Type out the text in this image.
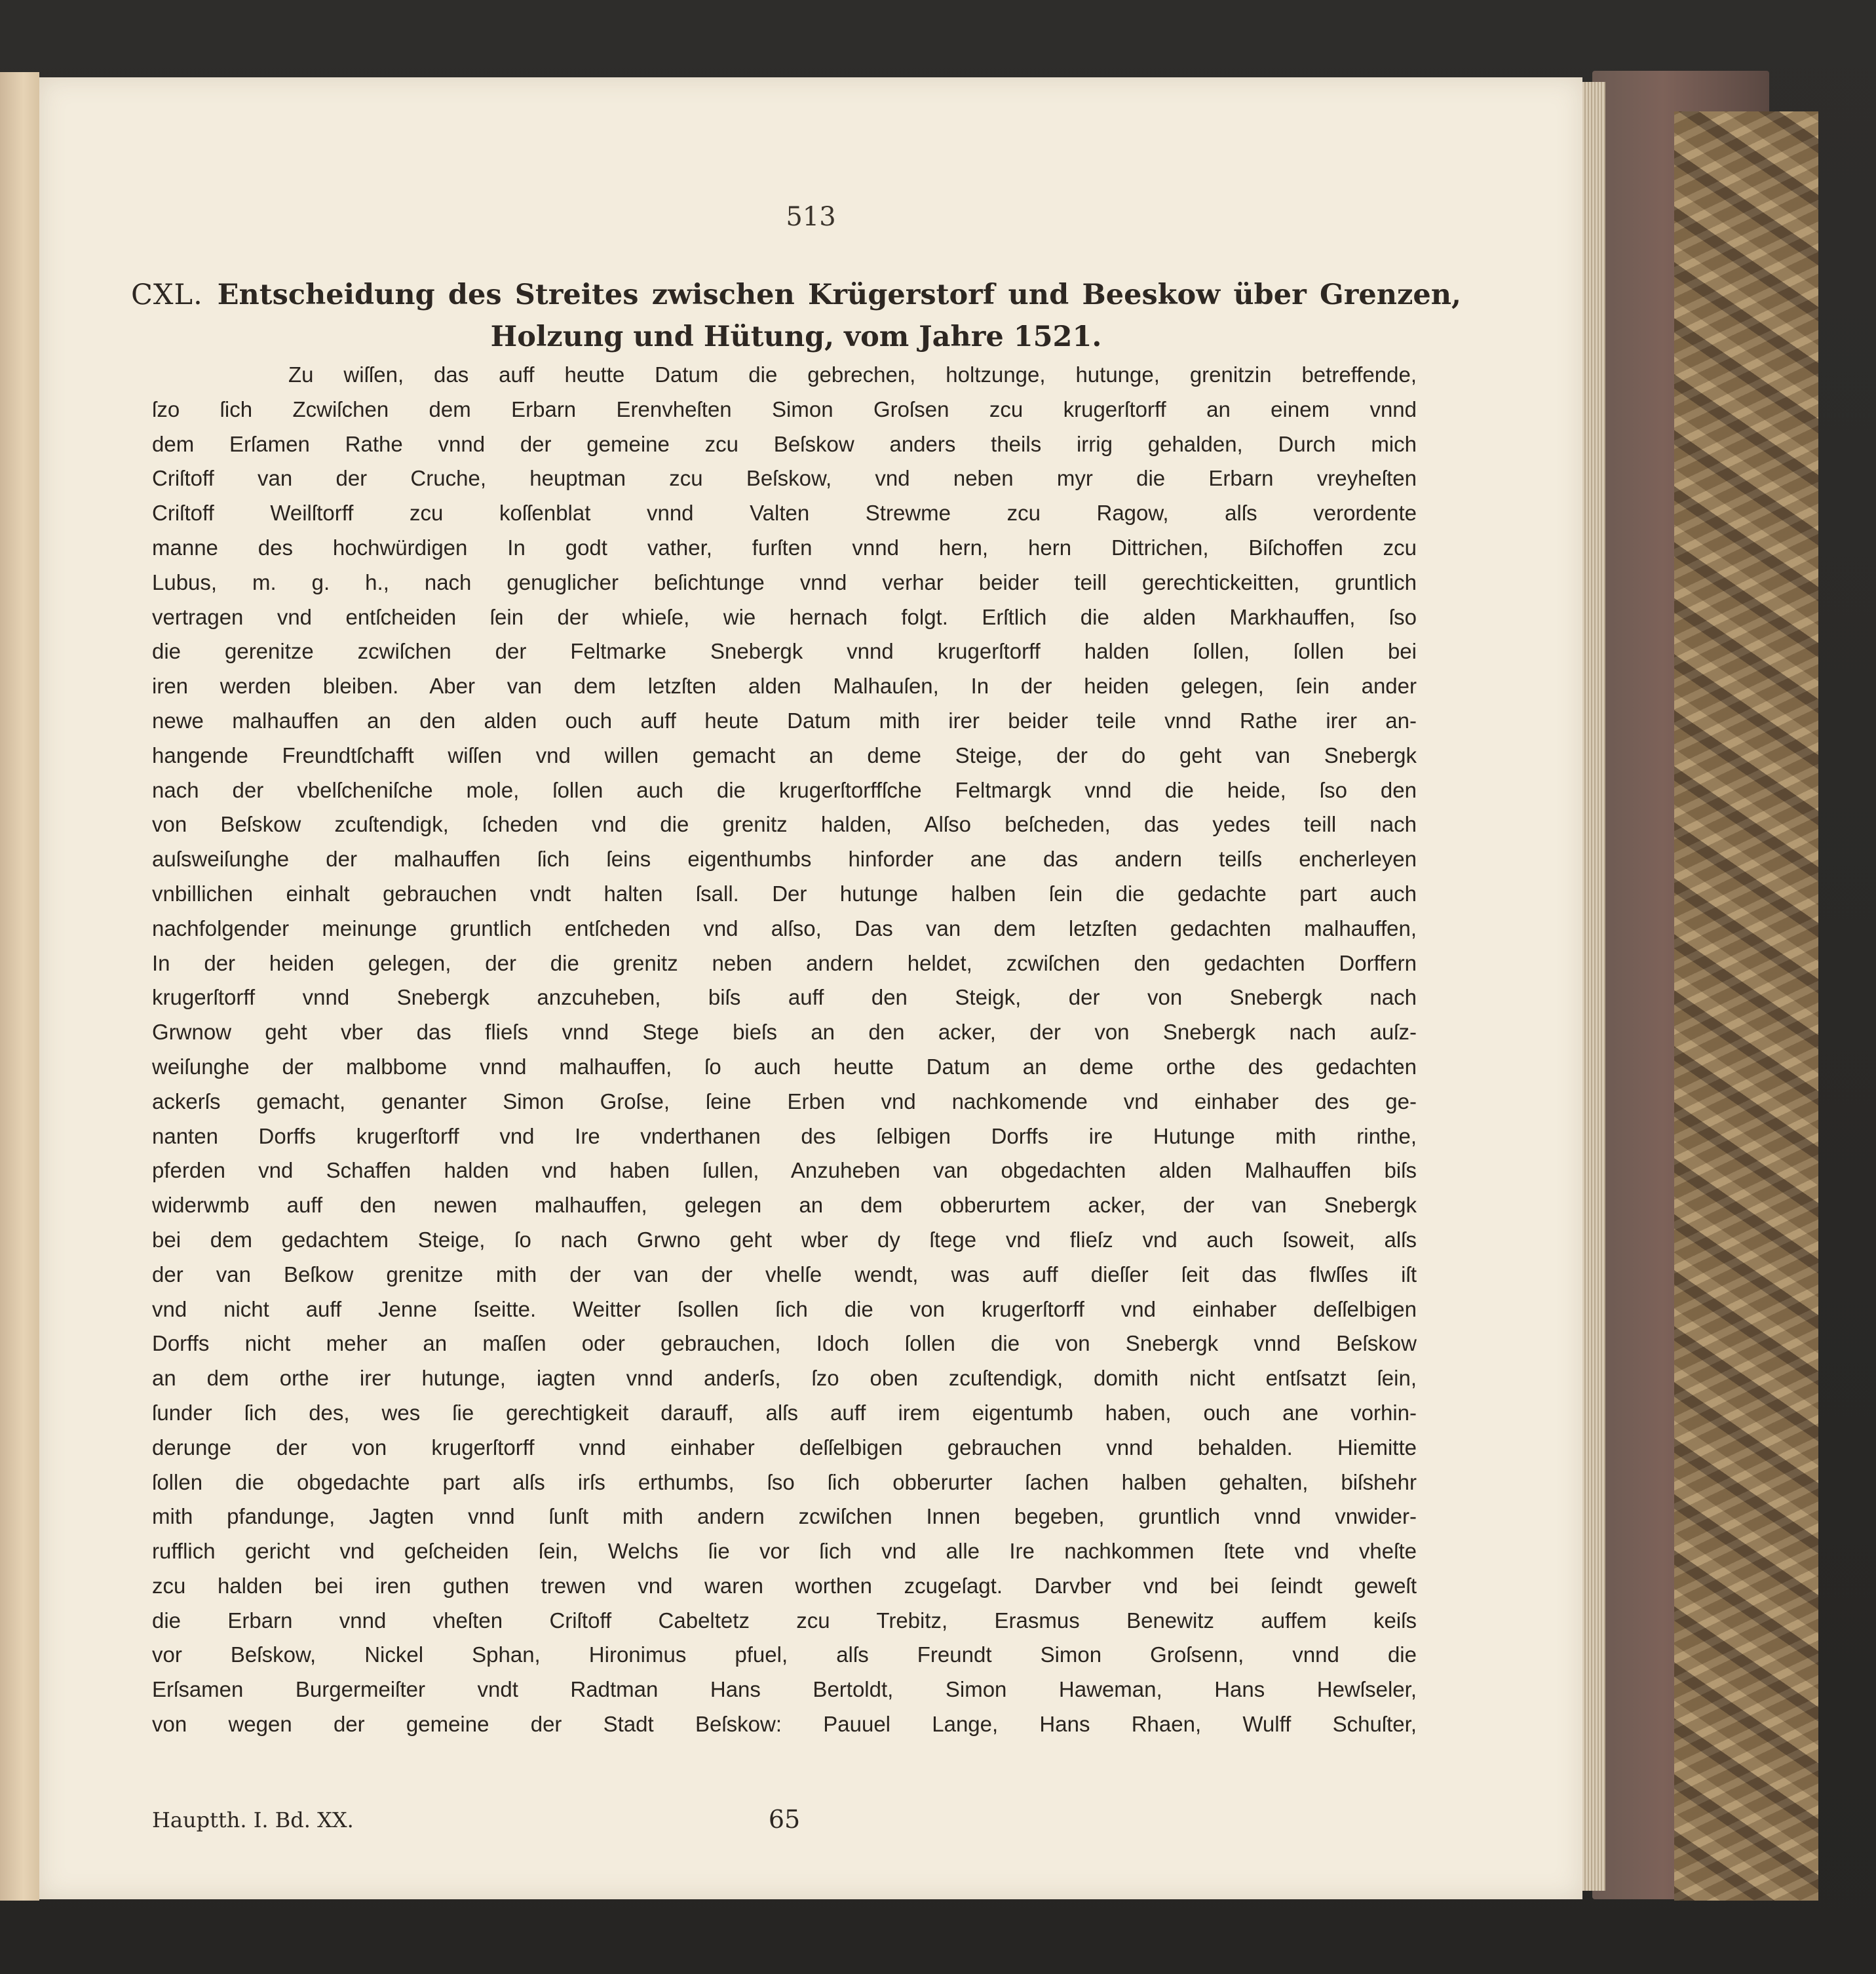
513
CXL. Entscheidung des Streites zwischen Krügerstorf und Beeskow über Grenzen, Holzung und Hütung, vom Jahre 1521.
Zu wiſſen, das auff heutte Datum die gebrechen, holtzunge, hutunge, grenitzin betreffende,
ſzo ſich Zcwiſchen dem Erbarn Erenvheſten Simon Groſsen zcu krugerſtorff an einem vnnd
dem Erſamen Rathe vnnd der gemeine zcu Beſskow anders theils irrig gehalden, Durch mich
Criſtoff van der Cruche, heuptman zcu Beſskow, vnd neben myr die Erbarn vreyheſten
Criſtoff Weilſtorff zcu koſſenblat vnnd Valten Strewme zcu Ragow, alſs verordente
manne des hochwürdigen In godt vather, furſten vnnd hern, hern Dittrichen, Biſchoffen zcu
Lubus, m. g. h., nach genuglicher beſichtunge vnnd verhar beider teill gerechtickeitten, gruntlich
vertragen vnd entſcheiden ſein der whieſe, wie hernach folgt. Erſtlich die alden Markhauffen, ſso
die gerenitze zcwiſchen der Feltmarke Snebergk vnnd krugerſtorff halden ſollen, ſollen bei
iren werden bleiben. Aber van dem letzſten alden Malhauſen, In der heiden gelegen, ſein ander
newe malhauffen an den alden ouch auff heute Datum mith irer beider teile vnnd Rathe irer an-
hangende Freundtſchafft wiſſen vnd willen gemacht an deme Steige, der do geht van Snebergk
nach der vbelſcheniſche mole, ſollen auch die krugerſtorffſche Feltmargk vnnd die heide, ſso den
von Beſskow zcuſtendigk, ſcheden vnd die grenitz halden, Alſso beſcheden, das yedes teill nach
auſsweiſunghe der malhauffen ſich ſeins eigenthumbs hinforder ane das andern teilſs encherleyen
vnbillichen einhalt gebrauchen vndt halten ſsall. Der hutunge halben ſein die gedachte part auch
nachfolgender meinunge gruntlich entſcheden vnd alſso, Das van dem letzſten gedachten malhauffen,
In der heiden gelegen, der die grenitz neben andern heldet, zcwiſchen den gedachten Dorffern
krugerſtorff vnnd Snebergk anzcuheben, biſs auff den Steigk, der von Snebergk nach
Grwnow geht vber das flieſs vnnd Stege bieſs an den acker, der von Snebergk nach auſz-
weiſunghe der malbbome vnnd malhauffen, ſo auch heutte Datum an deme orthe des gedachten
ackerſs gemacht, genanter Simon Groſse, ſeine Erben vnd nachkomende vnd einhaber des ge-
nanten Dorffs krugerſtorff vnd Ire vnderthanen des ſelbigen Dorffs ire Hutunge mith rinthe,
pferden vnd Schaffen halden vnd haben ſullen, Anzuheben van obgedachten alden Malhauffen biſs
widerwmb auff den newen malhauffen, gelegen an dem obberurtem acker, der van Snebergk
bei dem gedachtem Steige, ſo nach Grwno geht wber dy ſtege vnd flieſz vnd auch ſsoweit, alſs
der van Beſkow grenitze mith der van der vhelſe wendt, was auff dieſſer ſeit das flwſſes iſt
vnd nicht auff Jenne ſseitte. Weitter ſsollen ſich die von krugerſtorff vnd einhaber deſſelbigen
Dorffs nicht meher an maſſen oder gebrauchen, Idoch ſollen die von Snebergk vnnd Beſskow
an dem orthe irer hutunge, iagten vnnd anderſs, ſzo oben zcuſtendigk, domith nicht entſsatzt ſein,
ſunder ſich des, wes ſie gerechtigkeit darauff, alſs auff irem eigentumb haben, ouch ane vorhin-
derunge der von krugerſtorff vnnd einhaber deſſelbigen gebrauchen vnnd behalden. Hiemitte
ſollen die obgedachte part alſs irſs erthumbs, ſso ſich obberurter ſachen halben gehalten, biſshehr
mith pfandunge, Jagten vnnd ſunſt mith andern zcwiſchen Innen begeben, gruntlich vnnd vnwider-
rufflich gericht vnd geſcheiden ſein, Welchs ſie vor ſich vnd alle Ire nachkommen ſtete vnd vheſte
zcu halden bei iren guthen trewen vnd waren worthen zcugeſagt. Darvber vnd bei ſeindt geweſt
die Erbarn vnnd vheſten Criſtoff Cabeltetz zcu Trebitz, Erasmus Benewitz auffem keiſs
vor Beſskow, Nickel Sphan, Hironimus pfuel, alſs Freundt Simon Groſsenn, vnnd die
Erſsamen Burgermeiſter vndt Radtman Hans Bertoldt, Simon Haweman, Hans Hewſseler,
von wegen der gemeine der Stadt Beſskow: Pauuel Lange, Hans Rhaen, Wulff Schuſter,
Hauptth. I. Bd. XX.	65
